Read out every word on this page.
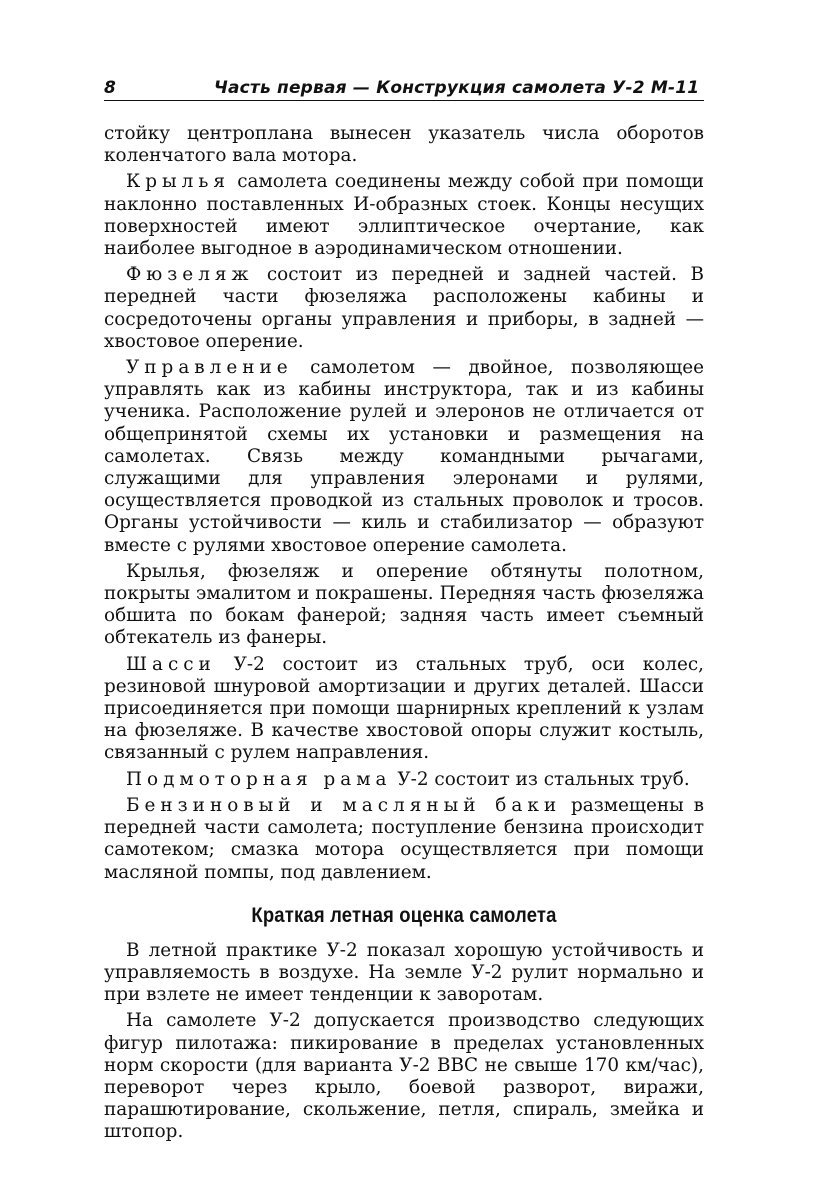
8	Часть первая — Конструкция самолета У-2 М-11

стойку центроплана вынесен указатель числа оборотов коленчатого вала мотора.

Крылья самолета соединены между собой при помощи наклонно поставленных И-образных стоек. Концы несущих поверхностей имеют эллиптическое очертание, как наиболее выгодное в аэродинамическом отношении.

Фюзеляж состоит из передней и задней частей. В передней части фюзеляжа расположены кабины и сосредоточены органы управления и приборы, в задней — хвостовое оперение.

Управление самолетом — двойное, позволяющее управлять как из кабины инструктора, так и из кабины ученика. Расположение рулей и элеронов не отличается от общепринятой схемы их установки и размещения на самолетах. Связь между командными рычагами, служащими для управления элеронами и рулями, осуществляется проводкой из стальных проволок и тросов. Органы устойчивости — киль и стабилизатор — образуют вместе с рулями хвостовое оперение самолета.

Крылья, фюзеляж и оперение обтянуты полотном, покрыты эмалитом и покрашены. Передняя часть фюзеляжа обшита по бокам фанерой; задняя часть имеет съемный обтекатель из фанеры.

Шасси У-2 состоит из стальных труб, оси колес, резиновой шнуровой амортизации и других деталей. Шасси присоединяется при помощи шарнирных креплений к узлам на фюзеляже. В качестве хвостовой опоры служит костыль, связанный с рулем направления.

Подмоторная рама У-2 состоит из стальных труб.

Бензиновый и масляный баки размещены в передней части самолета; поступление бензина происходит самотеком; смазка мотора осуществляется при помощи масляной помпы, под давлением.

Краткая летная оценка самолета

В летной практике У-2 показал хорошую устойчивость и управляемость в воздухе. На земле У-2 рулит нормально и при взлете не имеет тенденции к заворотам.

На самолете У-2 допускается производство следующих фигур пилотажа: пикирование в пределах установленных норм скорости (для варианта У-2 ВВС не свыше 170 км/час), переворот через крыло, боевой разворот, виражи, парашютирование, скольжение, петля, спираль, змейка и штопор.
